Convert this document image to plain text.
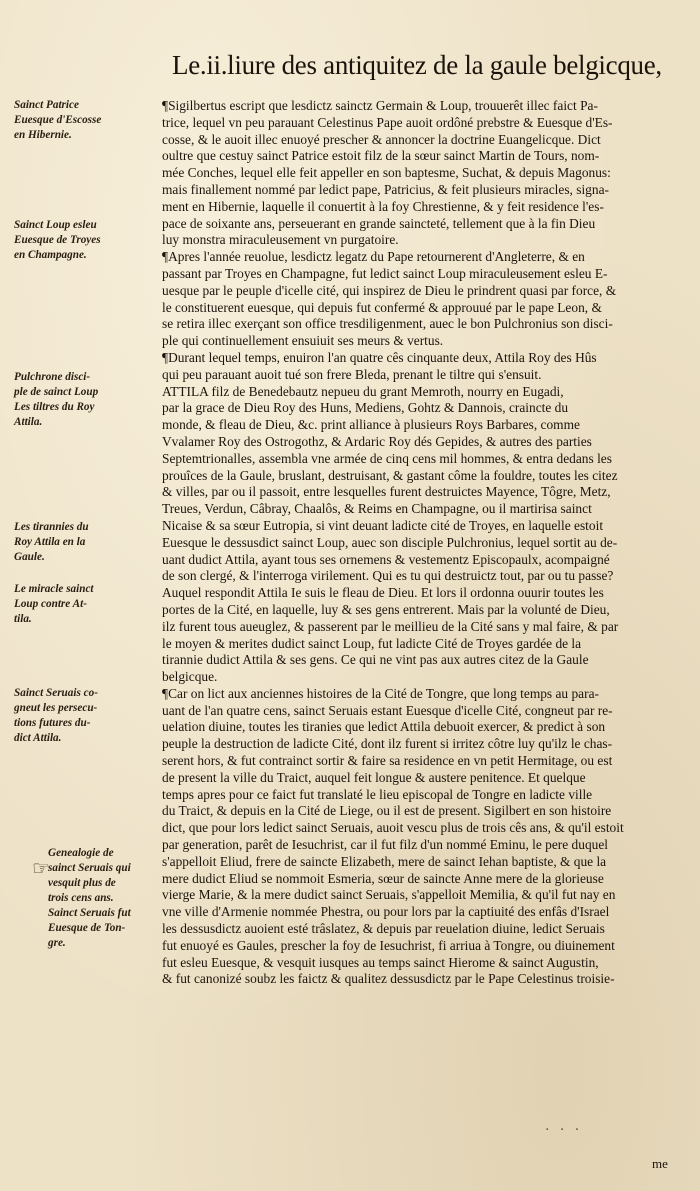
Le.ii.liure des antiquitez de la gaule belgicque,
Sainct Patrice
Euesque d'Escosse
en Hibernie.
Sainct Loup esleu
Euesque de Troyes
en Champagne.
Pulchrone disci-
ple de sainct Loup
Les tiltres du Roy
Attila.
Les tirannies du
Roy Attila en la
Gaule.
Le miracle sainct
Loup contre At-
tila.
Sainct Seruais co-
gneut les persecu-
tions futures du-
dict Attila.
Genealogie de
sainct Seruais qui
vesquit plus de
trois cens ans.
Sainct Seruais fut
Euesque de Ton-
gre.
☞
¶Sigilbertus escript que lesdictz sainctz Germain & Loup, trouuerêt illec faict Pa-
trice, lequel vn peu parauant Celestinus Pape auoit ordôné prebstre & Euesque d'Es-
cosse, & le auoit illec enuoyé prescher & annoncer la doctrine Euangelicque. Dict
oultre que cestuy sainct Patrice estoit filz de la sœur sainct Martin de Tours, nom-
mée Conches, lequel elle feit appeller en son baptesme, Suchat, & depuis Magonus:
mais finallement nommé par ledict pape, Patricius, & feit plusieurs miracles, signa-
ment en Hibernie, laquelle il conuertit à la foy Chrestienne, & y feit residence l'es-
pace de soixante ans, perseuerant en grande saincteté, tellement que à la fin Dieu
luy monstra miraculeusement vn purgatoire.
¶Apres l'année reuolue, lesdictz legatz du Pape retournerent d'Angleterre, & en
passant par Troyes en Champagne, fut ledict sainct Loup miraculeusement esleu E-
uesque par le peuple d'icelle cité, qui inspirez de Dieu le prindrent quasi par force, &
le constituerent euesque, qui depuis fut confermé & approuué par le pape Leon, &
se retira illec exerçant son office tresdiligenment, auec le bon Pulchronius son disci-
ple qui continuellement ensuiuit ses meurs & vertus.
¶Durant lequel temps, enuiron l'an quatre cês cinquante deux, Attila Roy des Hûs
qui peu parauant auoit tué son frere Bleda, prenant le tiltre qui s'ensuit.
ATTILA filz de Benedebautz nepueu du grant Memroth, nourry en Eugadi,
par la grace de Dieu Roy des Huns, Mediens, Gohtz & Dannois, craincte du
monde, & fleau de Dieu, &c. print alliance à plusieurs Roys Barbares, comme
Vvalamer Roy des Ostrogothz, & Ardaric Roy dés Gepides, & autres des parties
Septemtrionalles, assembla vne armée de cinq cens mil hommes, & entra dedans les
prouîces de la Gaule, bruslant, destruisant, & gastant côme la fouldre, toutes les citez
& villes, par ou il passoit, entre lesquelles furent destruictes Mayence, Tôgre, Metz,
Treues, Verdun, Câbray, Chaalôs, & Reims en Champagne, ou il martirisa sainct
Nicaise & sa sœur Eutropia, si vint deuant ladicte cité de Troyes, en laquelle estoit
Euesque le dessusdict sainct Loup, auec son disciple Pulchronius, lequel sortit au de-
uant dudict Attila, ayant tous ses ornemens & vestementz Episcopaulx, acompaigné
de son clergé, & l'interroga virilement. Qui es tu qui destruictz tout, par ou tu passe?
Auquel respondit Attila Ie suis le fleau de Dieu. Et lors il ordonna ouurir toutes les
portes de la Cité, en laquelle, luy & ses gens entrerent. Mais par la volunté de Dieu,
ilz furent tous aueuglez, & passerent par le meillieu de la Cité sans y mal faire, & par
le moyen & merites dudict sainct Loup, fut ladicte Cité de Troyes gardée de la
tirannie dudict Attila & ses gens. Ce qui ne vint pas aux autres citez de la Gaule
belgicque.
¶Car on lict aux anciennes histoires de la Cité de Tongre, que long temps au para-
uant de l'an quatre cens, sainct Seruais estant Euesque d'icelle Cité, congneut par re-
uelation diuine, toutes les tiranies que ledict Attila debuoit exercer, & predict à son
peuple la destruction de ladicte Cité, dont ilz furent si irritez côtre luy qu'ilz le chas-
serent hors, & fut contrainct sortir & faire sa residence en vn petit Hermitage, ou est
de present la ville du Traict, auquel feit longue & austere penitence. Et quelque
temps apres pour ce faict fut translaté le lieu episcopal de Tongre en ladicte ville
du Traict, & depuis en la Cité de Liege, ou il est de present. Sigilbert en son histoire
dict, que pour lors ledict sainct Seruais, auoit vescu plus de trois cês ans, & qu'il estoit
par generation, parêt de Iesuchrist, car il fut filz d'un nommé Eminu, le pere duquel
s'appelloit Eliud, frere de saincte Elizabeth, mere de sainct Iehan baptiste, & que la
mere dudict Eliud se nommoit Esmeria, sœur de saincte Anne mere de la glorieuse
vierge Marie, & la mere dudict sainct Seruais, s'appelloit Memilia, & qu'il fut nay en
vne ville d'Armenie nommée Phestra, ou pour lors par la captiuité des enfâs d'Israel
les dessusdictz auoient esté trâslatez, & depuis par reuelation diuine, ledict Seruais
fut enuoyé es Gaules, prescher la foy de Iesuchrist, fi arriua à Tongre, ou diuinement
fut esleu Euesque, & vesquit iusques au temps sainct Hierome & sainct Augustin,
& fut canonizé soubz les faictz & qualitez dessusdictz par le Pape Celestinus troisie-
· · ·
me
